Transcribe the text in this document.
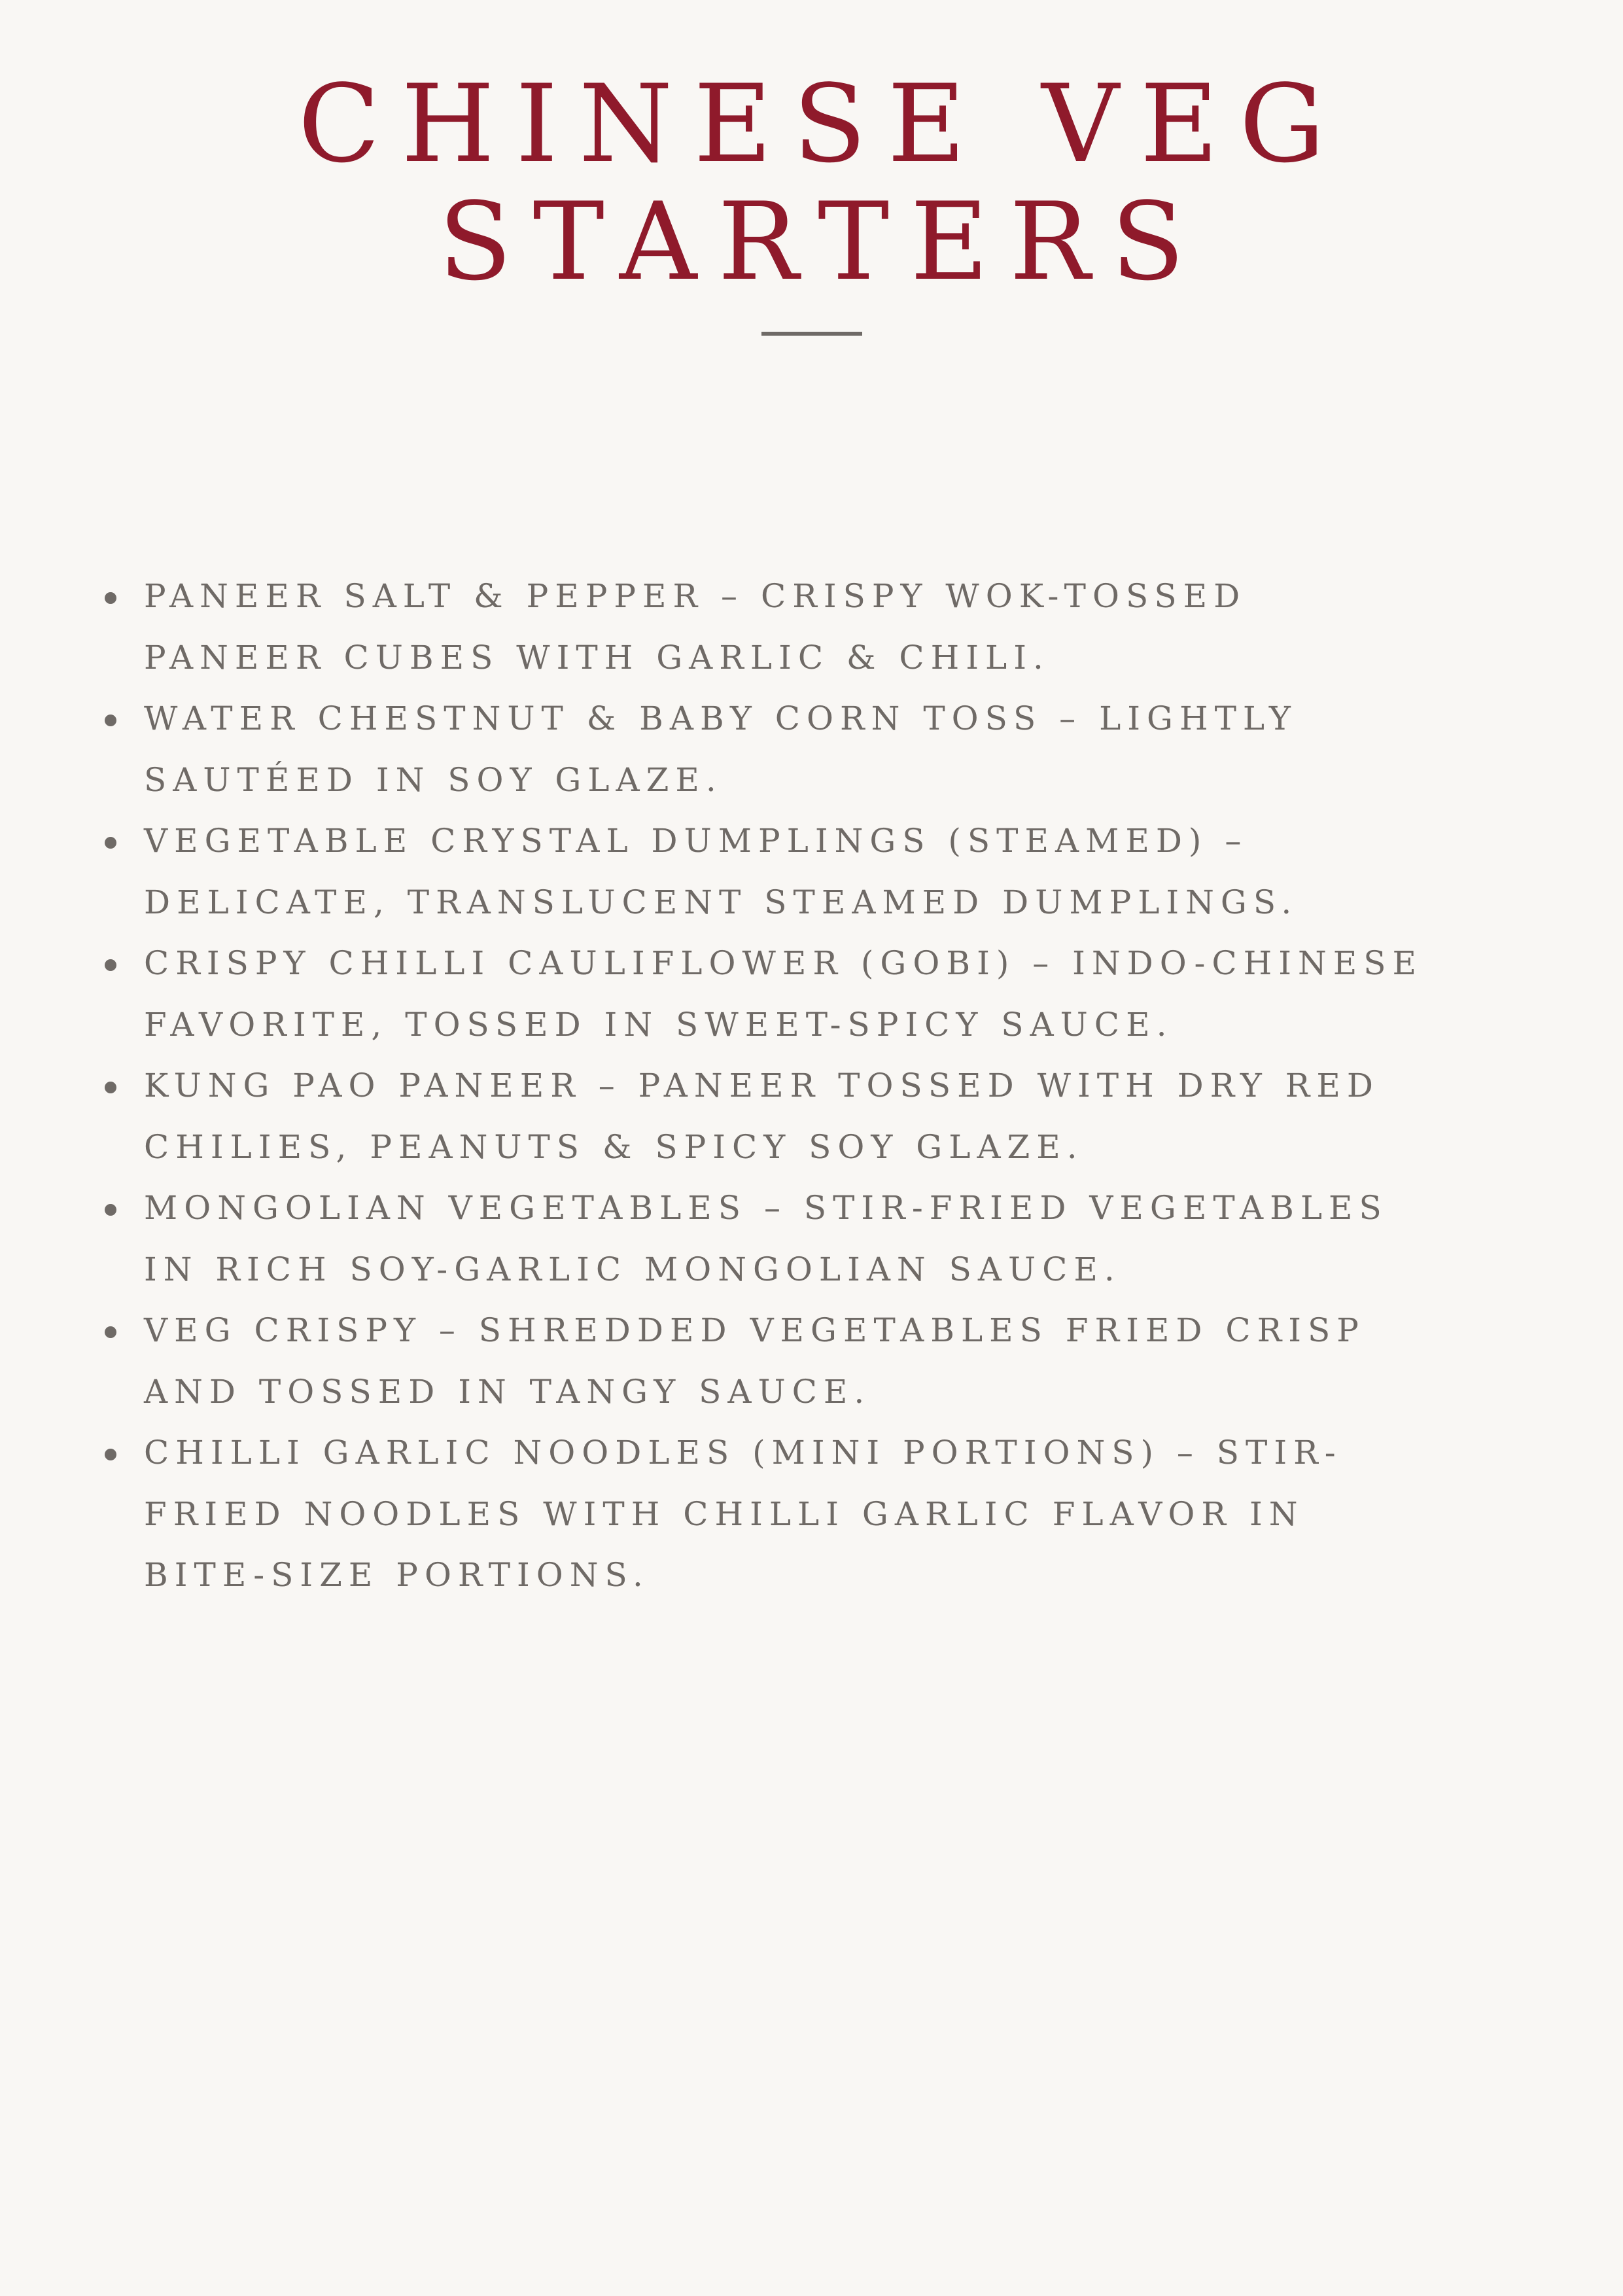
CHINESE VEG
STARTERS
PANEER SALT & PEPPER – CRISPY WOK-TOSSED
PANEER CUBES WITH GARLIC & CHILI.
WATER CHESTNUT & BABY CORN TOSS – LIGHTLY
SAUTÉED IN SOY GLAZE.
VEGETABLE CRYSTAL DUMPLINGS (STEAMED) –
DELICATE, TRANSLUCENT STEAMED DUMPLINGS.
CRISPY CHILLI CAULIFLOWER (GOBI) – INDO-CHINESE
FAVORITE, TOSSED IN SWEET-SPICY SAUCE.
KUNG PAO PANEER – PANEER TOSSED WITH DRY RED
CHILIES, PEANUTS & SPICY SOY GLAZE.
MONGOLIAN VEGETABLES – STIR-FRIED VEGETABLES
IN RICH SOY-GARLIC MONGOLIAN SAUCE.
VEG CRISPY – SHREDDED VEGETABLES FRIED CRISP
AND TOSSED IN TANGY SAUCE.
CHILLI GARLIC NOODLES (MINI PORTIONS) – STIR-
FRIED NOODLES WITH CHILLI GARLIC FLAVOR IN
BITE-SIZE PORTIONS.
